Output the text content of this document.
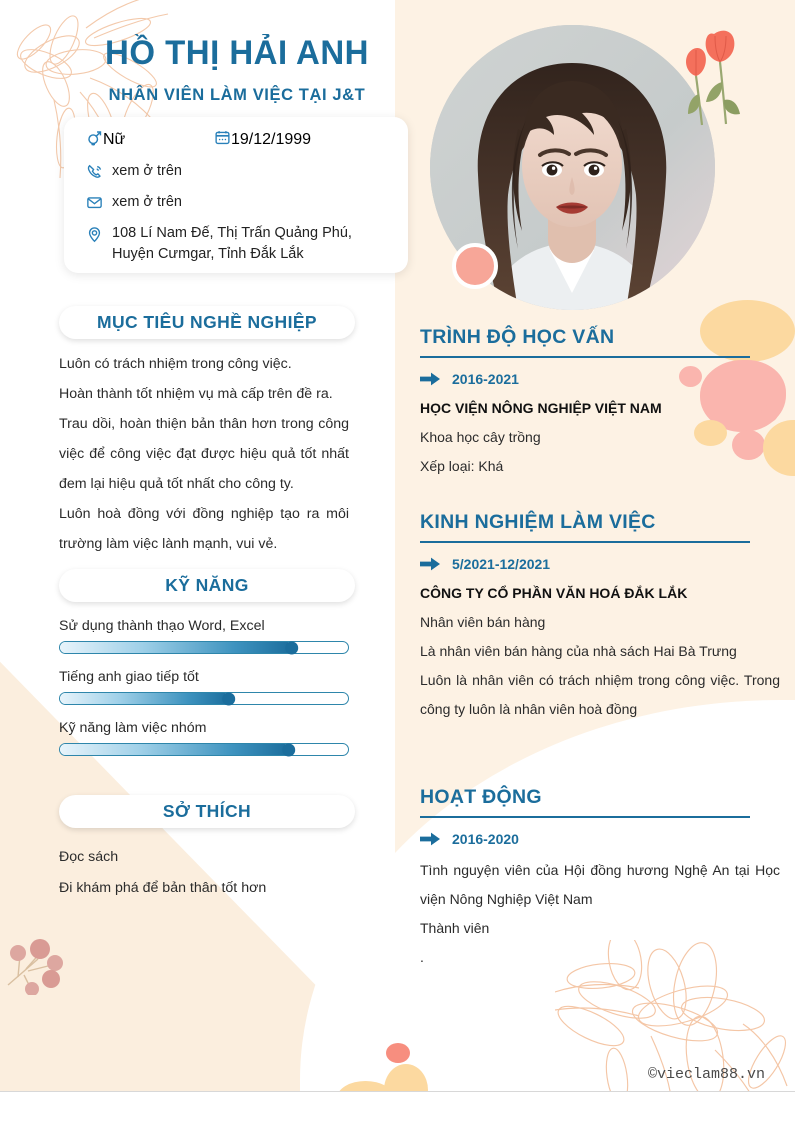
HỒ THỊ HẢI ANH
NHÂN VIÊN LÀM VIỆC TẠI J&T
Nữ	19/12/1999
xem ở trên
xem ở trên
108 Lí Nam Đế, Thị Trấn Quảng Phú,
Huyện Cưmgar, Tỉnh Đắk Lắk
MỤC TIÊU NGHỀ NGHIỆP
Luôn có trách nhiệm trong công việc.
Hoàn thành tốt nhiệm vụ mà cấp trên đề ra.
Trau dồi, hoàn thiện bản thân hơn trong công việc để công việc đạt được hiệu quả tốt nhất đem lại hiệu quả tốt nhất cho công ty.
Luôn hoà đồng với đồng nghiệp tạo ra môi trường làm việc lành mạnh, vui vẻ.
KỸ NĂNG
Sử dụng thành thạo Word, Excel
Tiếng anh giao tiếp tốt
Kỹ năng làm việc nhóm
SỞ THÍCH
Đọc sách
Đi khám phá để bản thân tốt hơn
TRÌNH ĐỘ HỌC VẤN
2016-2021
HỌC VIỆN NÔNG NGHIỆP VIỆT NAM
Khoa học cây trồng
Xếp loại: Khá
KINH NGHIỆM LÀM VIỆC
5/2021-12/2021
CÔNG TY CỔ PHẦN VĂN HOÁ ĐẮK LẮK
Nhân viên bán hàng
Là nhân viên bán hàng của nhà sách Hai Bà Trưng
Luôn là nhân viên có trách nhiệm trong công việc. Trong công ty luôn là nhân viên hoà đồng
HOẠT ĐỘNG
2016-2020
Tình nguyện viên của Hội đồng hương Nghệ An tại Học viện Nông Nghiệp Việt Nam
Thành viên
.
©vieclam88.vn
